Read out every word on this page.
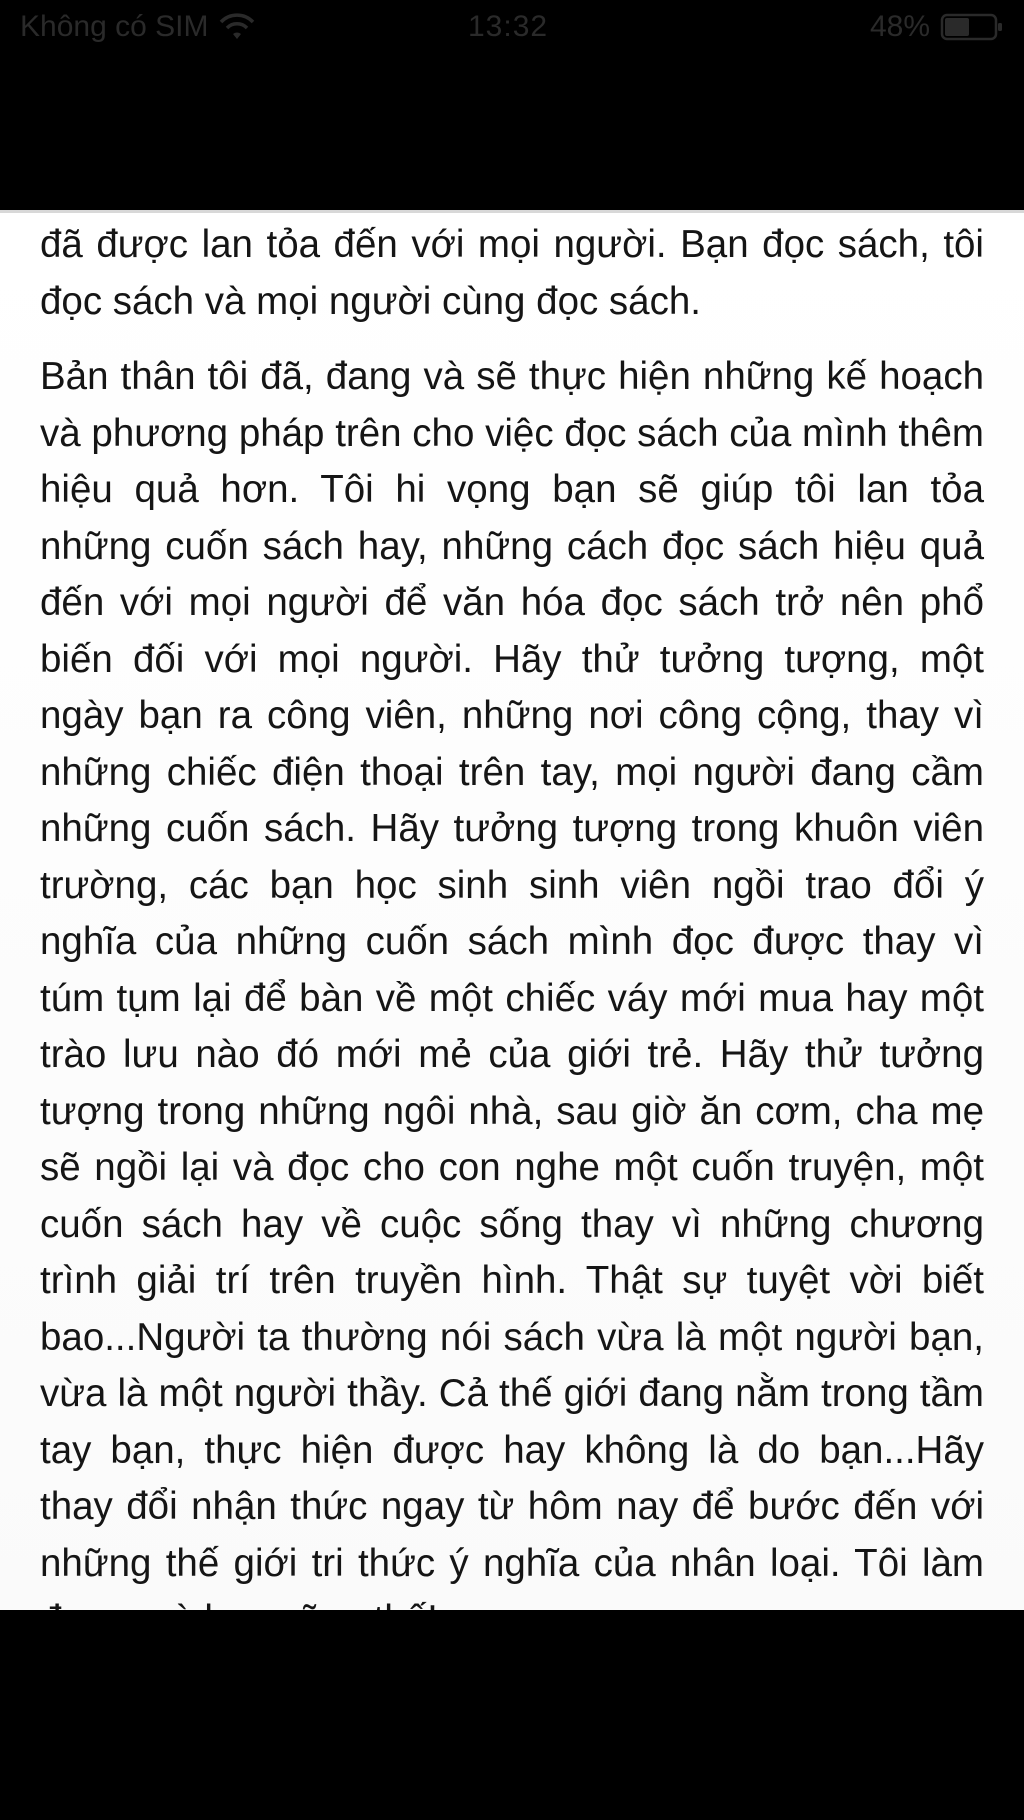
Không có SIM	13:32	48%

đã được lan tỏa đến với mọi người. Bạn đọc sách, tôi đọc sách và mọi người cùng đọc sách.

Bản thân tôi đã, đang và sẽ thực hiện những kế hoạch và phương pháp trên cho việc đọc sách của mình thêm hiệu quả hơn. Tôi hi vọng bạn sẽ giúp tôi lan tỏa những cuốn sách hay, những cách đọc sách hiệu quả đến với mọi người để văn hóa đọc sách trở nên phổ biến đối với mọi người. Hãy thử tưởng tượng, một ngày bạn ra công viên, những nơi công cộng, thay vì những chiếc điện thoại trên tay, mọi người đang cầm những cuốn sách. Hãy tưởng tượng trong khuôn viên trường, các bạn học sinh sinh viên ngồi trao đổi ý nghĩa của những cuốn sách mình đọc được thay vì túm tụm lại để bàn về một chiếc váy mới mua hay một trào lưu nào đó mới mẻ của giới trẻ. Hãy thử tưởng tượng trong những ngôi nhà, sau giờ ăn cơm, cha mẹ sẽ ngồi lại và đọc cho con nghe một cuốn truyện, một cuốn sách hay về cuộc sống thay vì những chương trình giải trí trên truyền hình. Thật sự tuyệt vời biết bao...Người ta thường nói sách vừa là một người bạn, vừa là một người thầy. Cả thế giới đang nằm trong tầm tay bạn, thực hiện được hay không là do bạn...Hãy thay đổi nhận thức ngay từ hôm nay để bước đến với những thế giới tri thức ý nghĩa của nhân loại. Tôi làm
